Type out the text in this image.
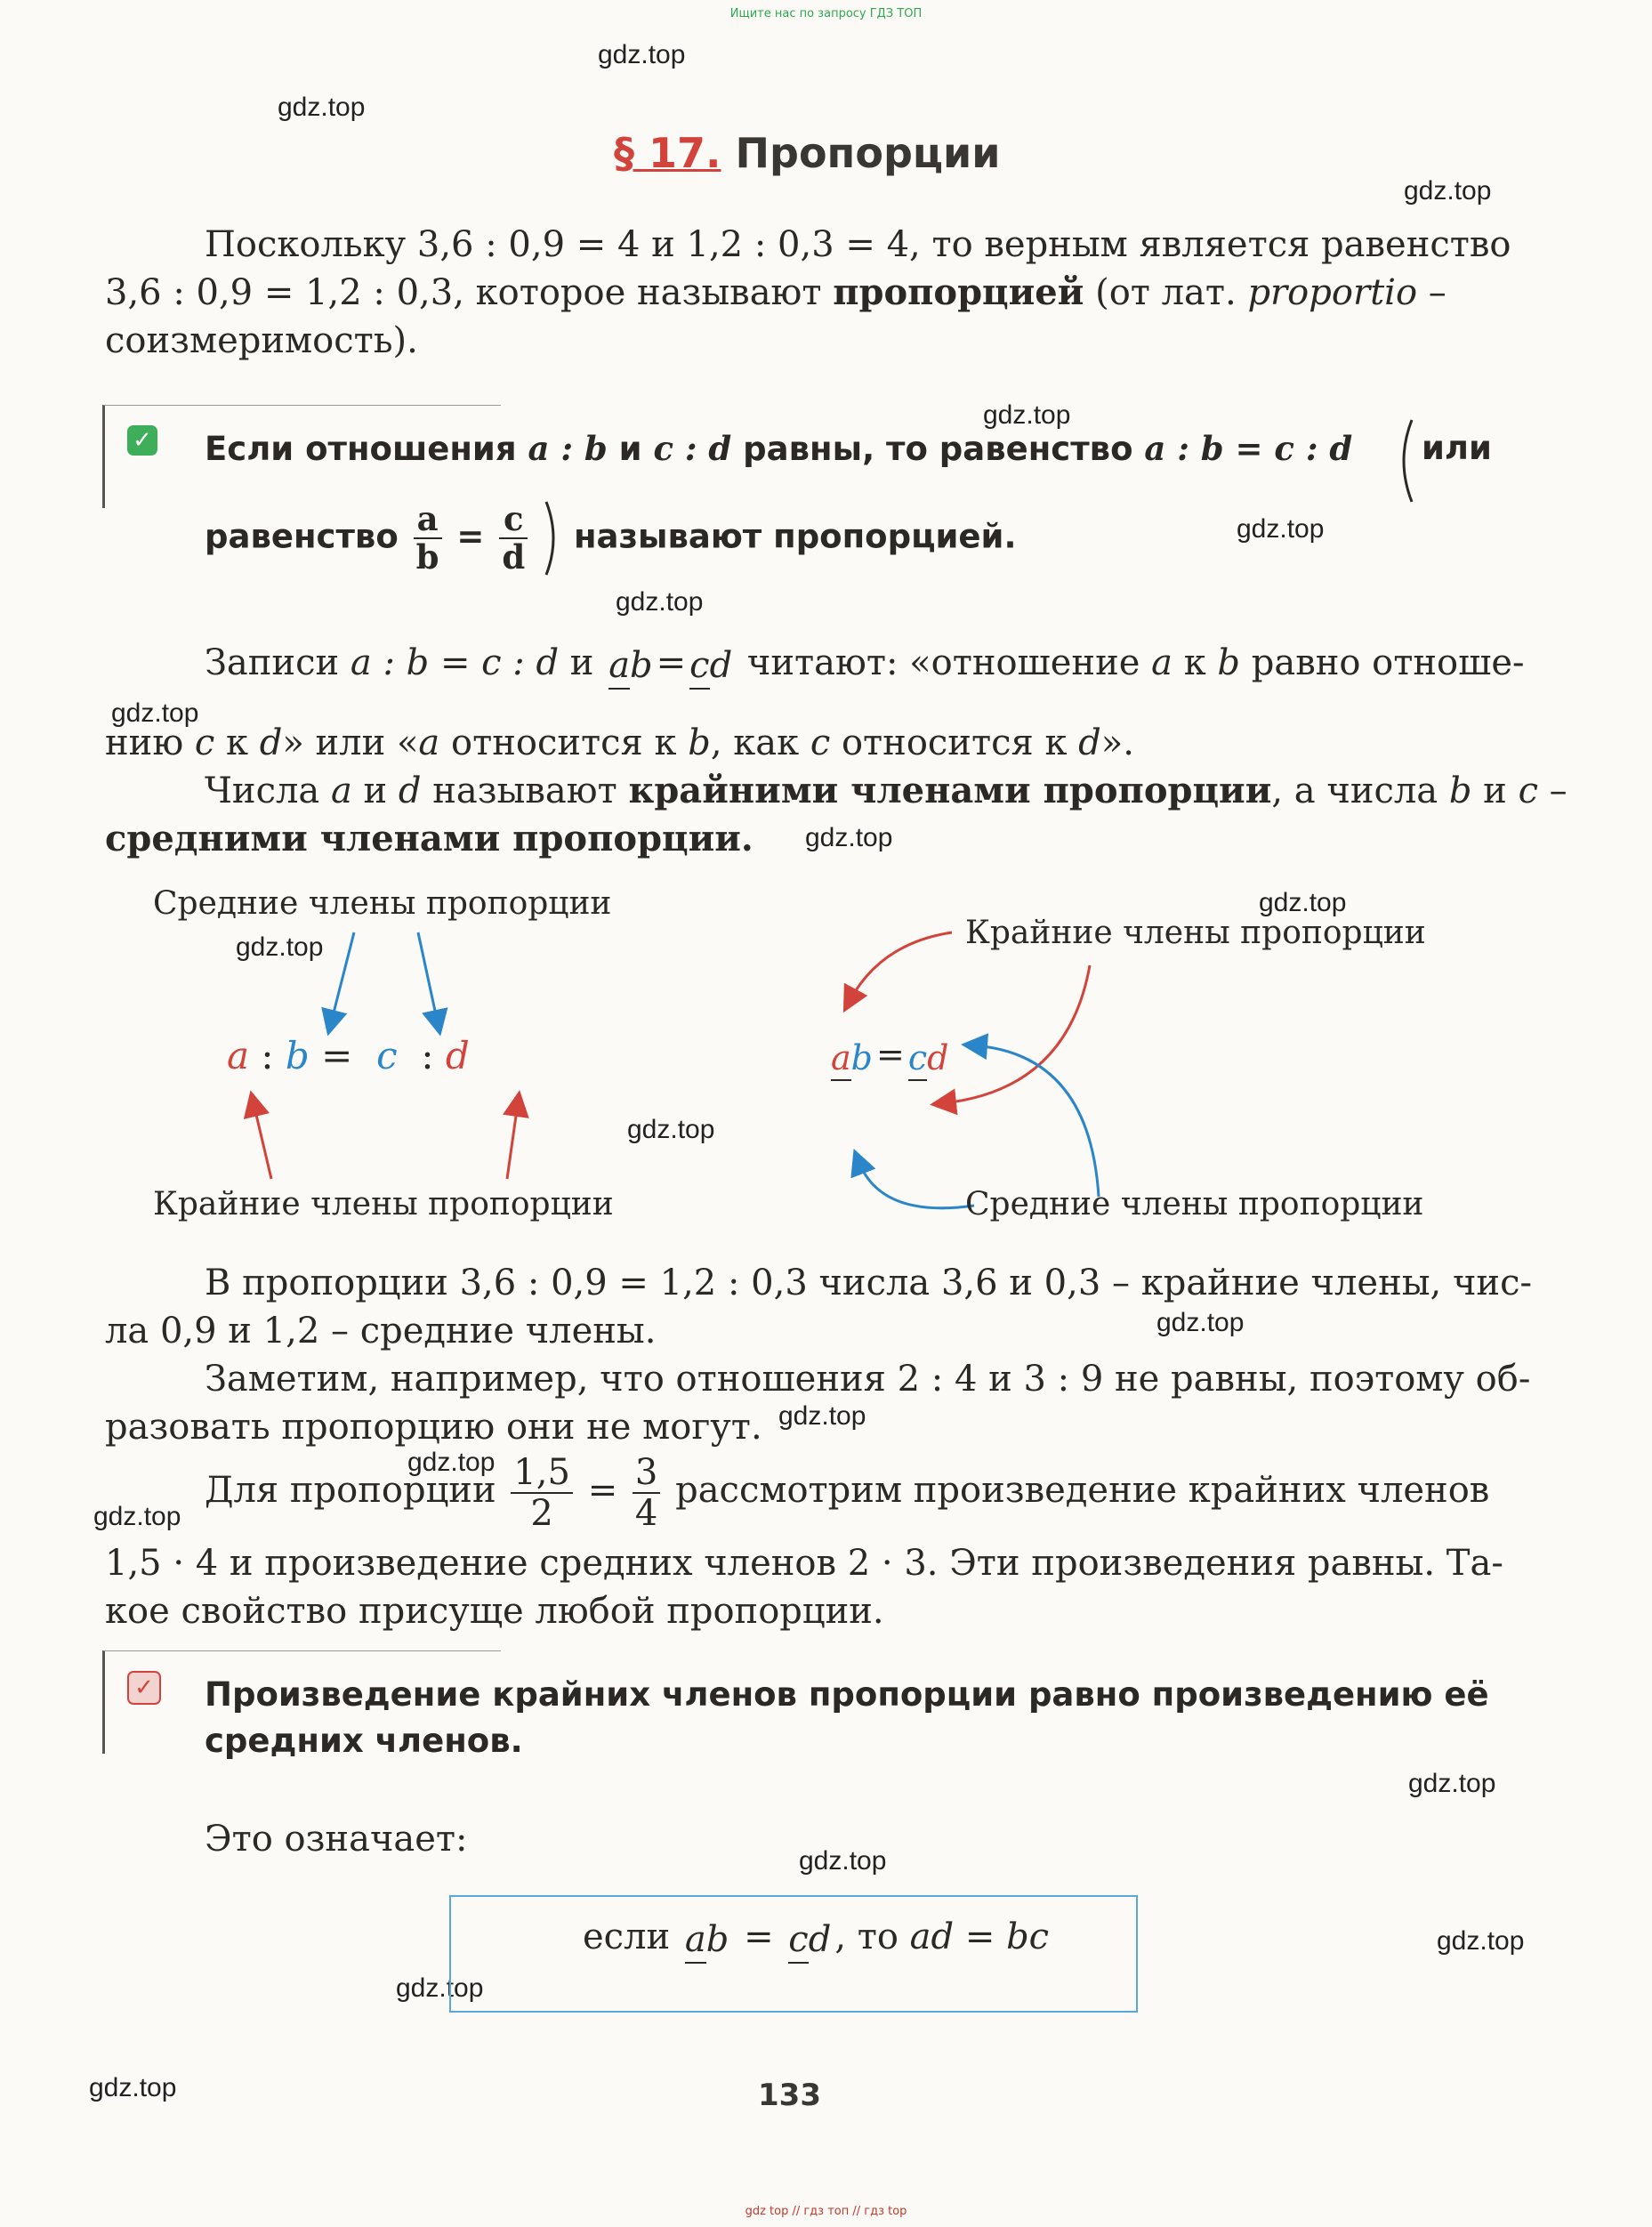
Ищите нас по запросу ГДЗ ТОП
gdz top // гдз топ // гдз top
gdz.top
gdz.top
gdz.top
gdz.top
gdz.top
gdz.top
gdz.top
gdz.top
gdz.top
gdz.top
gdz.top
gdz.top
gdz.top
gdz.top
gdz.top
gdz.top
gdz.top
gdz.top
gdz.top
gdz.top
§ 17. Пропорции
Поскольку 3,6 : 0,9 = 4 и 1,2 : 0,3 = 4, то верным является равенство
3,6 : 0,9 = 1,2 : 0,3, которое называют пропорцией (от лат. proportio –
соизмеримость).
✓ Если отношения a : b и c : d равны, то равенство a : b = c : d или
равенство $\frac{a}{b} = \frac{c}{d}$ называют пропорцией.
Записи a : b = c : d и ab = cd читают: «отношение a к b равно отноше-
нию c к d» или «a относится к b, как c относится к d».
Числа a и d называют крайними членами пропорции, а числа b и c –
средними членами пропорции.
Средние члены пропорции
Крайние члены пропорции
a : b = c : d
Крайние члены пропорции
Средние члены пропорции
ab = cd
В пропорции 3,6 : 0,9 = 1,2 : 0,3 числа 3,6 и 0,3 – крайние члены, чис-
ла 0,9 и 1,2 – средние члены.
Заметим, например, что отношения 2 : 4 и 3 : 9 не равны, поэтому об-
разовать пропорцию они не могут.
Для пропорции $\frac{1,5}{2} = \frac{3}{4}$ рассмотрим произведение крайних членов
1,5 · 4 и произведение средних членов 2 · 3. Эти произведения равны. Та-
кое свойство присуще любой пропорции.
✓ Произведение крайних членов пропорции равно произведению её
средних членов.
Это означает:
если ab = cd , то ad = bc
133
